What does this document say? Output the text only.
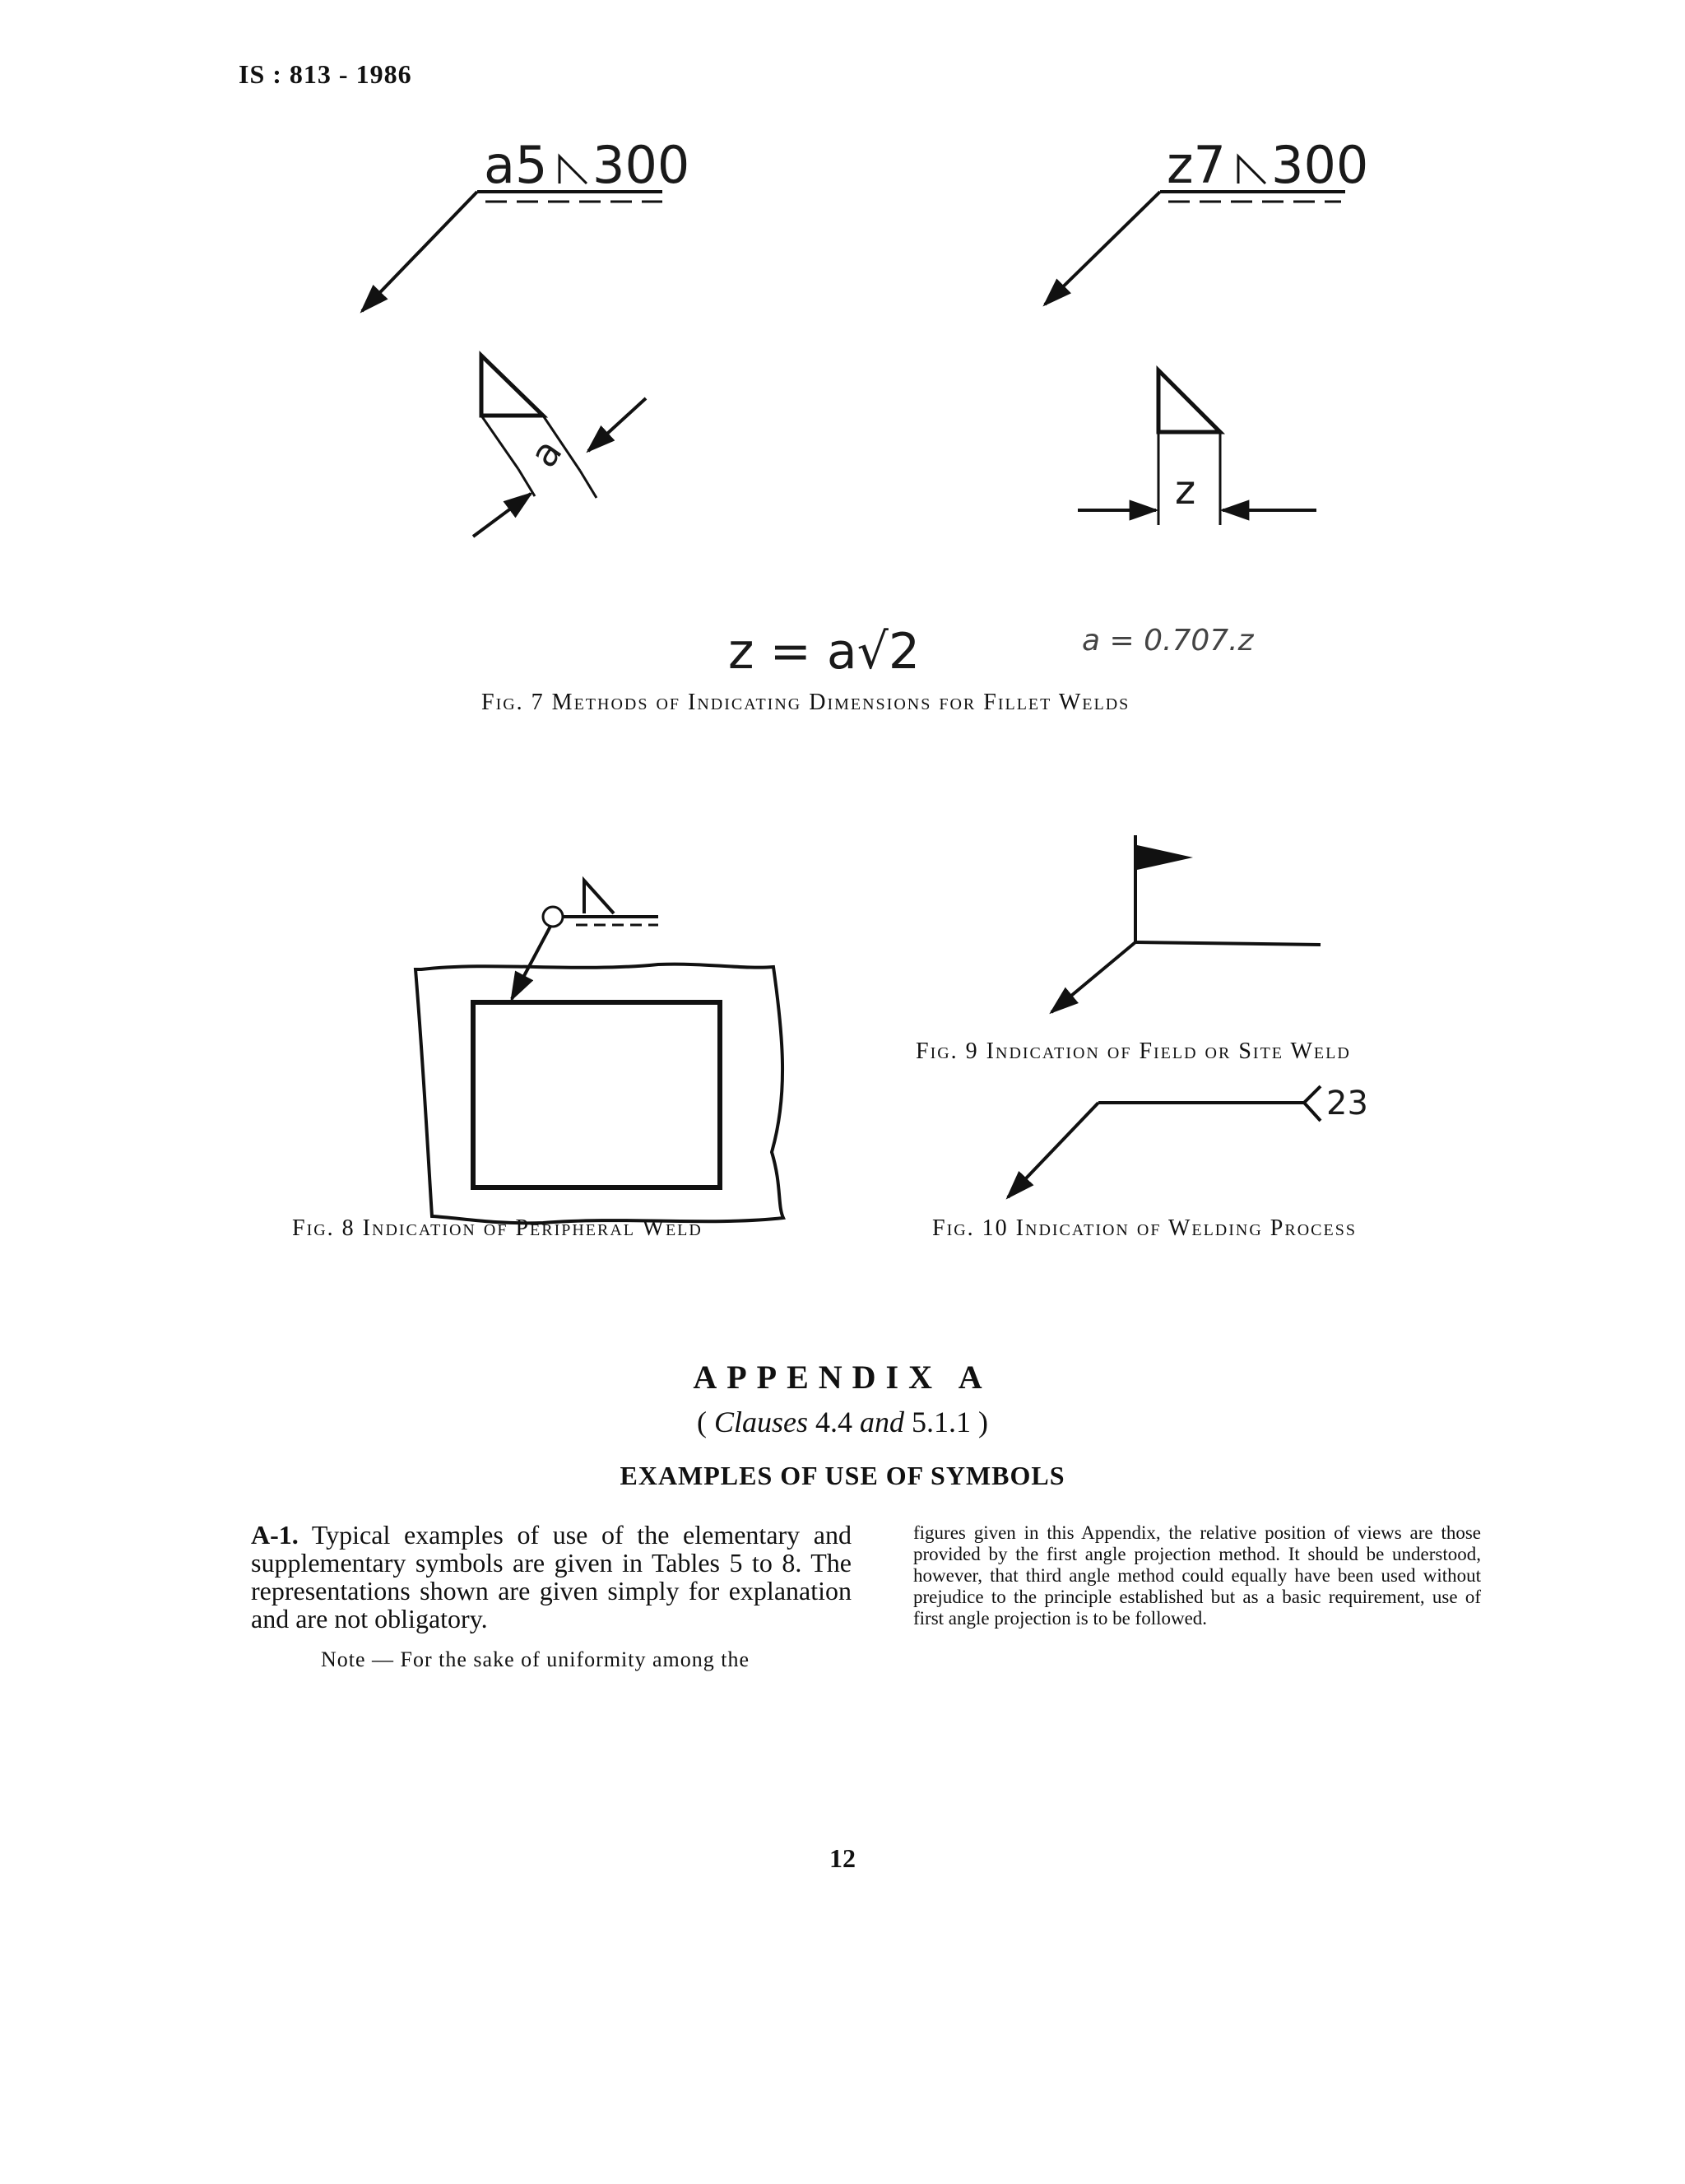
IS : 813 - 1986
a5 300
a
z7 300
z
z = a√2	a = 0.707.z
23
Fig. 7 Methods of Indicating Dimensions for Fillet Welds
Fig. 8 Indication of Peripheral Weld
Fig. 9 Indication of Field or Site Weld
Fig. 10 Indication of Welding Process
APPENDIX A
( Clauses 4.4 and 5.1.1 )
EXAMPLES OF USE OF SYMBOLS
A-1. Typical examples of use of the elementary and supplementary symbols are given in Tables 5 to 8. The representations shown are given simply for explanation and are not obligatory.
Note — For the sake of uniformity among the
figures given in this Appendix, the relative position of views are those provided by the first angle projection method. It should be understood, however, that third angle method could equally have been used without prejudice to the principle established but as a basic requirement, use of first angle projection is to be followed.
12
